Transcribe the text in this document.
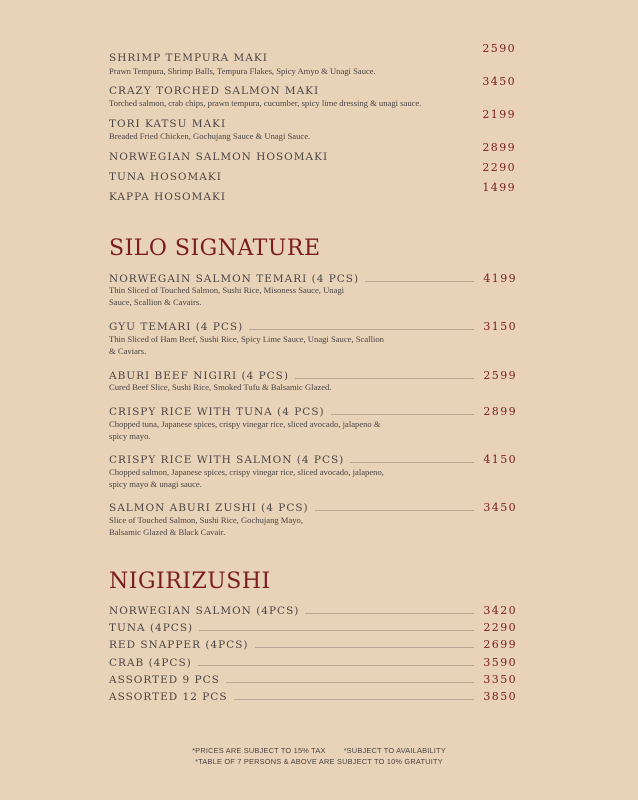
SHRIMP TEMPURA MAKI
Prawn Tempura, Shrimp Balls, Tempura Flakes, Spicy Amyo & Unagi Sauce.
2590
CRAZY TORCHED SALMON MAKI
Torched salmon, crab chips, prawn tempura, cucumber, spicy lime dressing & unagi sauce.
3450
TORI KATSU MAKI
Breaded Fried Chicken, Gochujang Sauce & Unagi Sauce.
2199
NORWEGIAN SALMON HOSOMAKI
2899
TUNA HOSOMAKI
2290
KAPPA HOSOMAKI
1499
SILO SIGNATURE
NORWEGAIN SALMON TEMARI (4 PCS)	4199
Thin Sliced of Touched Salmon, Sushi Rice, Misoness Sauce, Unagi Sauce, Scallion & Cavairs.
GYU TEMARI (4 PCS)	3150
Thin Sliced of Ham Beef, Sushi Rice, Spicy Lime Sauce, Unagi Sauce, Scallion & Caviars.
ABURI BEEF NIGIRI (4 PCS)	2599
Cured Beef Slice, Sushi Rice, Smoked Tufu & Balsamic Glazed.
CRISPY RICE WITH TUNA (4 PCS)	2899
Chopped tuna, Japanese spices, crispy vinegar rice, sliced avocado, jalapeno & spicy mayo.
CRISPY RICE WITH SALMON (4 PCS)	4150
Chopped salmon, Japanese spices, crispy vinegar rice, sliced avocado, jalapeno, spicy mayo & unagi sauce.
SALMON ABURI ZUSHI (4 PCS)	3450
Slice of Touched Salmon, Sushi Rice, Gochujang Mayo, Balsamic Glazed & Black Cavair.
NIGIRIZUSHI
NORWEGIAN SALMON (4PCS)	3420
TUNA (4PCS)	2290
RED SNAPPER (4PCS)	2699
CRAB (4PCS)	3590
ASSORTED 9 PCS	3350
ASSORTED 12 PCS	3850
*PRICES ARE SUBJECT TO 15% TAX        *SUBJECT TO AVAILABILITY
*TABLE OF 7 PERSONS & ABOVE ARE SUBJECT TO 10% GRATUITY
